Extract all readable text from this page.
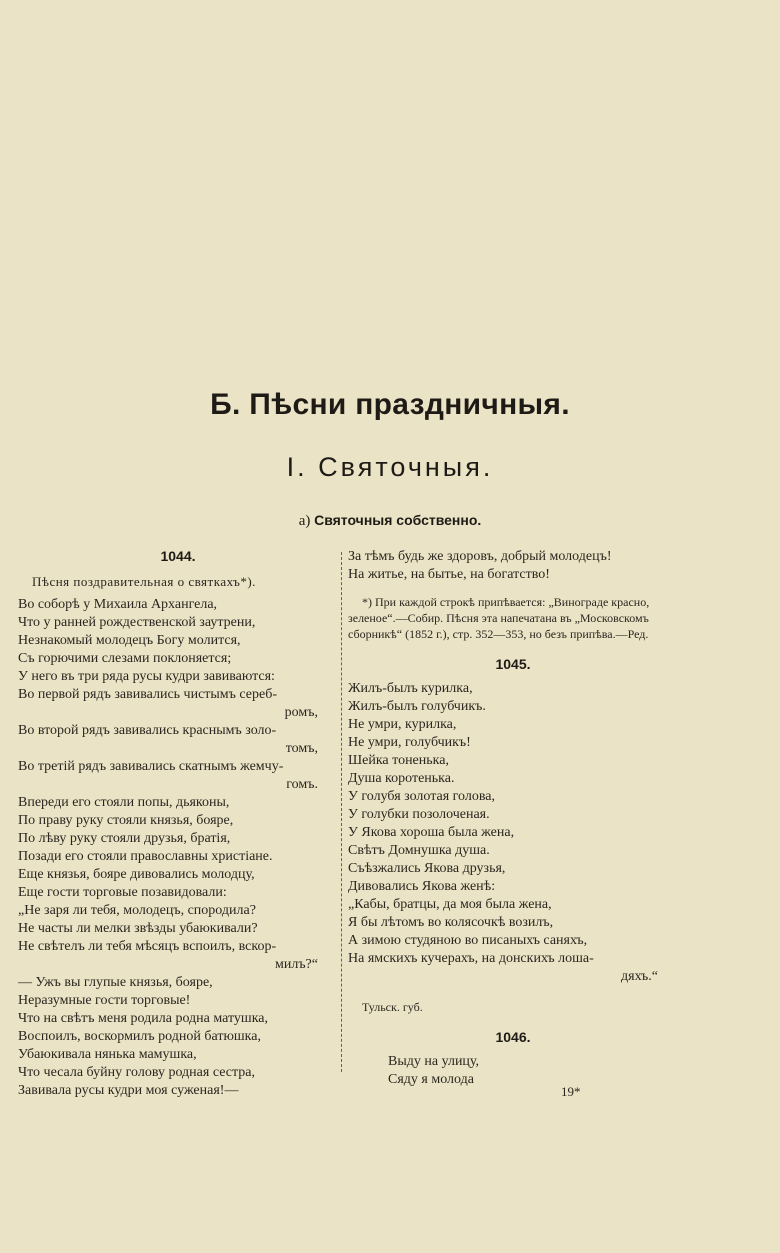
Б. Пѣсни праздничныя.
I. Святочныя.
а) Святочныя собственно.
1044.
Пѣсня поздравительная о святкахъ*).
Во соборѣ у Михаила Архангела,
Что у ранней рождественской заутрени,
Незнакомый молодецъ Богу молится,
Съ горючими слезами поклоняется;
У него въ три ряда русы кудри завиваются:
Во первой рядъ завивались чистымъ сереб-
ромъ,
Во второй рядъ завивались краснымъ золо-
томъ,
Во третій рядъ завивались скатнымъ жемчу-
гомъ.
Впереди его стояли попы, дьяконы,
По праву руку стояли князья, бояре,
По лѣву руку стояли друзья, братія,
Позади его стояли православны христіане.
Еще князья, бояре дивовались молодцу,
Еще гости торговые позавидовали:
„Не заря ли тебя, молодецъ, спородила?
Не часты ли мелки звѣзды убаюкивали?
Не свѣтелъ ли тебя мѣсяцъ вспоилъ, вскор-
милъ?“
— Ужъ вы глупые князья, бояре,
Неразумные гости торговые!
Что на свѣтъ меня родила родна матушка,
Воспоилъ, воскормилъ родной батюшка,
Убаюкивала нянька мамушка,
Что чесала буйну голову родная сестра,
Завивала русы кудри моя суженая!—
За тѣмъ будь же здоровъ, добрый молодецъ!
На житье, на бытье, на богатство!
*) При каждой строкѣ припѣвается: „Винограде красно, зеленое“.—Собир. Пѣсня эта напечатана въ „Московскомъ сборникѣ“ (1852 г.), стр. 352—353, но безъ припѣва.—Ред.
1045.
Жилъ-былъ курилка,
Жилъ-былъ голубчикъ.
Не умри, курилка,
Не умри, голубчикъ!
Шейка тоненька,
Душа коротенька.
У голубя золотая голова,
У голубки позолоченая.
У Якова хороша была жена,
Свѣтъ Домнушка душа.
Съѣзжались Якова друзья,
Дивовались Якова женѣ:
„Кабы, братцы, да моя была жена,
Я бы лѣтомъ во колясочкѣ возилъ,
А зимою студяною во писаныхъ саняхъ,
На ямскихъ кучерахъ, на донскихъ лоша-
дяхъ.“
Тульск. губ.
1046.
Выду на улицу,
Сяду я молода
19*
